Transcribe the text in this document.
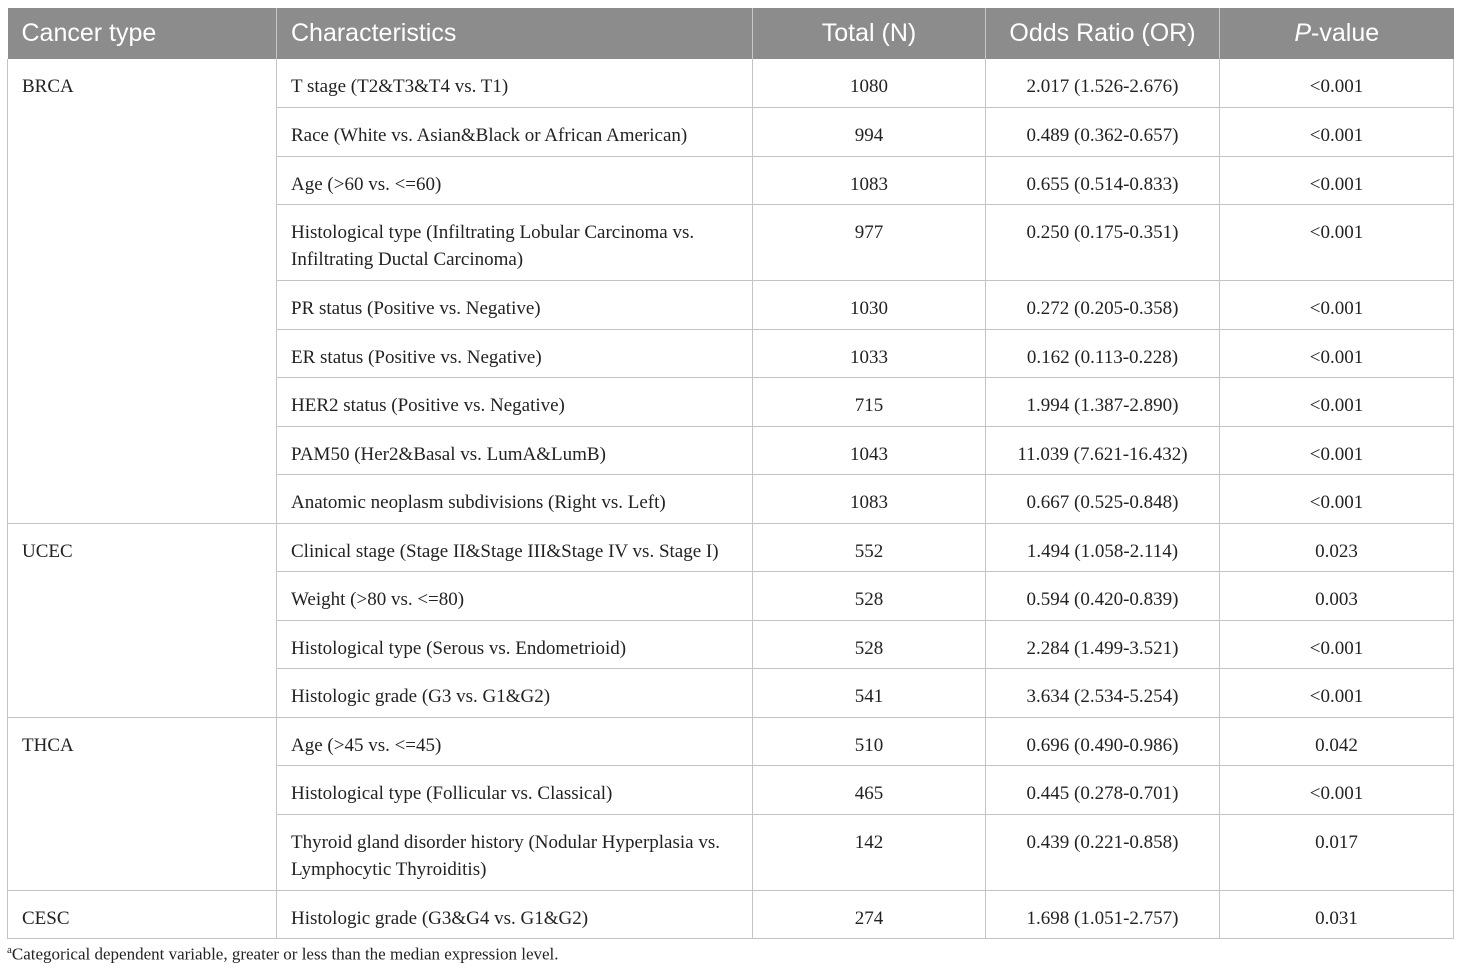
Cancer type	Characteristics	Total (N)	Odds Ratio (OR)	P-value
BRCA	T stage (T2&T3&T4 vs. T1)	1080	2.017 (1.526-2.676)	<0.001
	Race (White vs. Asian&Black or African American)	994	0.489 (0.362-0.657)	<0.001
	Age (>60 vs. <=60)	1083	0.655 (0.514-0.833)	<0.001
	Histological type (Infiltrating Lobular Carcinoma vs. Infiltrating Ductal Carcinoma)	977	0.250 (0.175-0.351)	<0.001
	PR status (Positive vs. Negative)	1030	0.272 (0.205-0.358)	<0.001
	ER status (Positive vs. Negative)	1033	0.162 (0.113-0.228)	<0.001
	HER2 status (Positive vs. Negative)	715	1.994 (1.387-2.890)	<0.001
	PAM50 (Her2&Basal vs. LumA&LumB)	1043	11.039 (7.621-16.432)	<0.001
	Anatomic neoplasm subdivisions (Right vs. Left)	1083	0.667 (0.525-0.848)	<0.001
UCEC	Clinical stage (Stage II&Stage III&Stage IV vs. Stage I)	552	1.494 (1.058-2.114)	0.023
	Weight (>80 vs. <=80)	528	0.594 (0.420-0.839)	0.003
	Histological type (Serous vs. Endometrioid)	528	2.284 (1.499-3.521)	<0.001
	Histologic grade (G3 vs. G1&G2)	541	3.634 (2.534-5.254)	<0.001
THCA	Age (>45 vs. <=45)	510	0.696 (0.490-0.986)	0.042
	Histological type (Follicular vs. Classical)	465	0.445 (0.278-0.701)	<0.001
	Thyroid gland disorder history (Nodular Hyperplasia vs. Lymphocytic Thyroiditis)	142	0.439 (0.221-0.858)	0.017
CESC	Histologic grade (G3&G4 vs. G1&G2)	274	1.698 (1.051-2.757)	0.031
$^a$Categorical dependent variable, greater or less than the median expression level.
